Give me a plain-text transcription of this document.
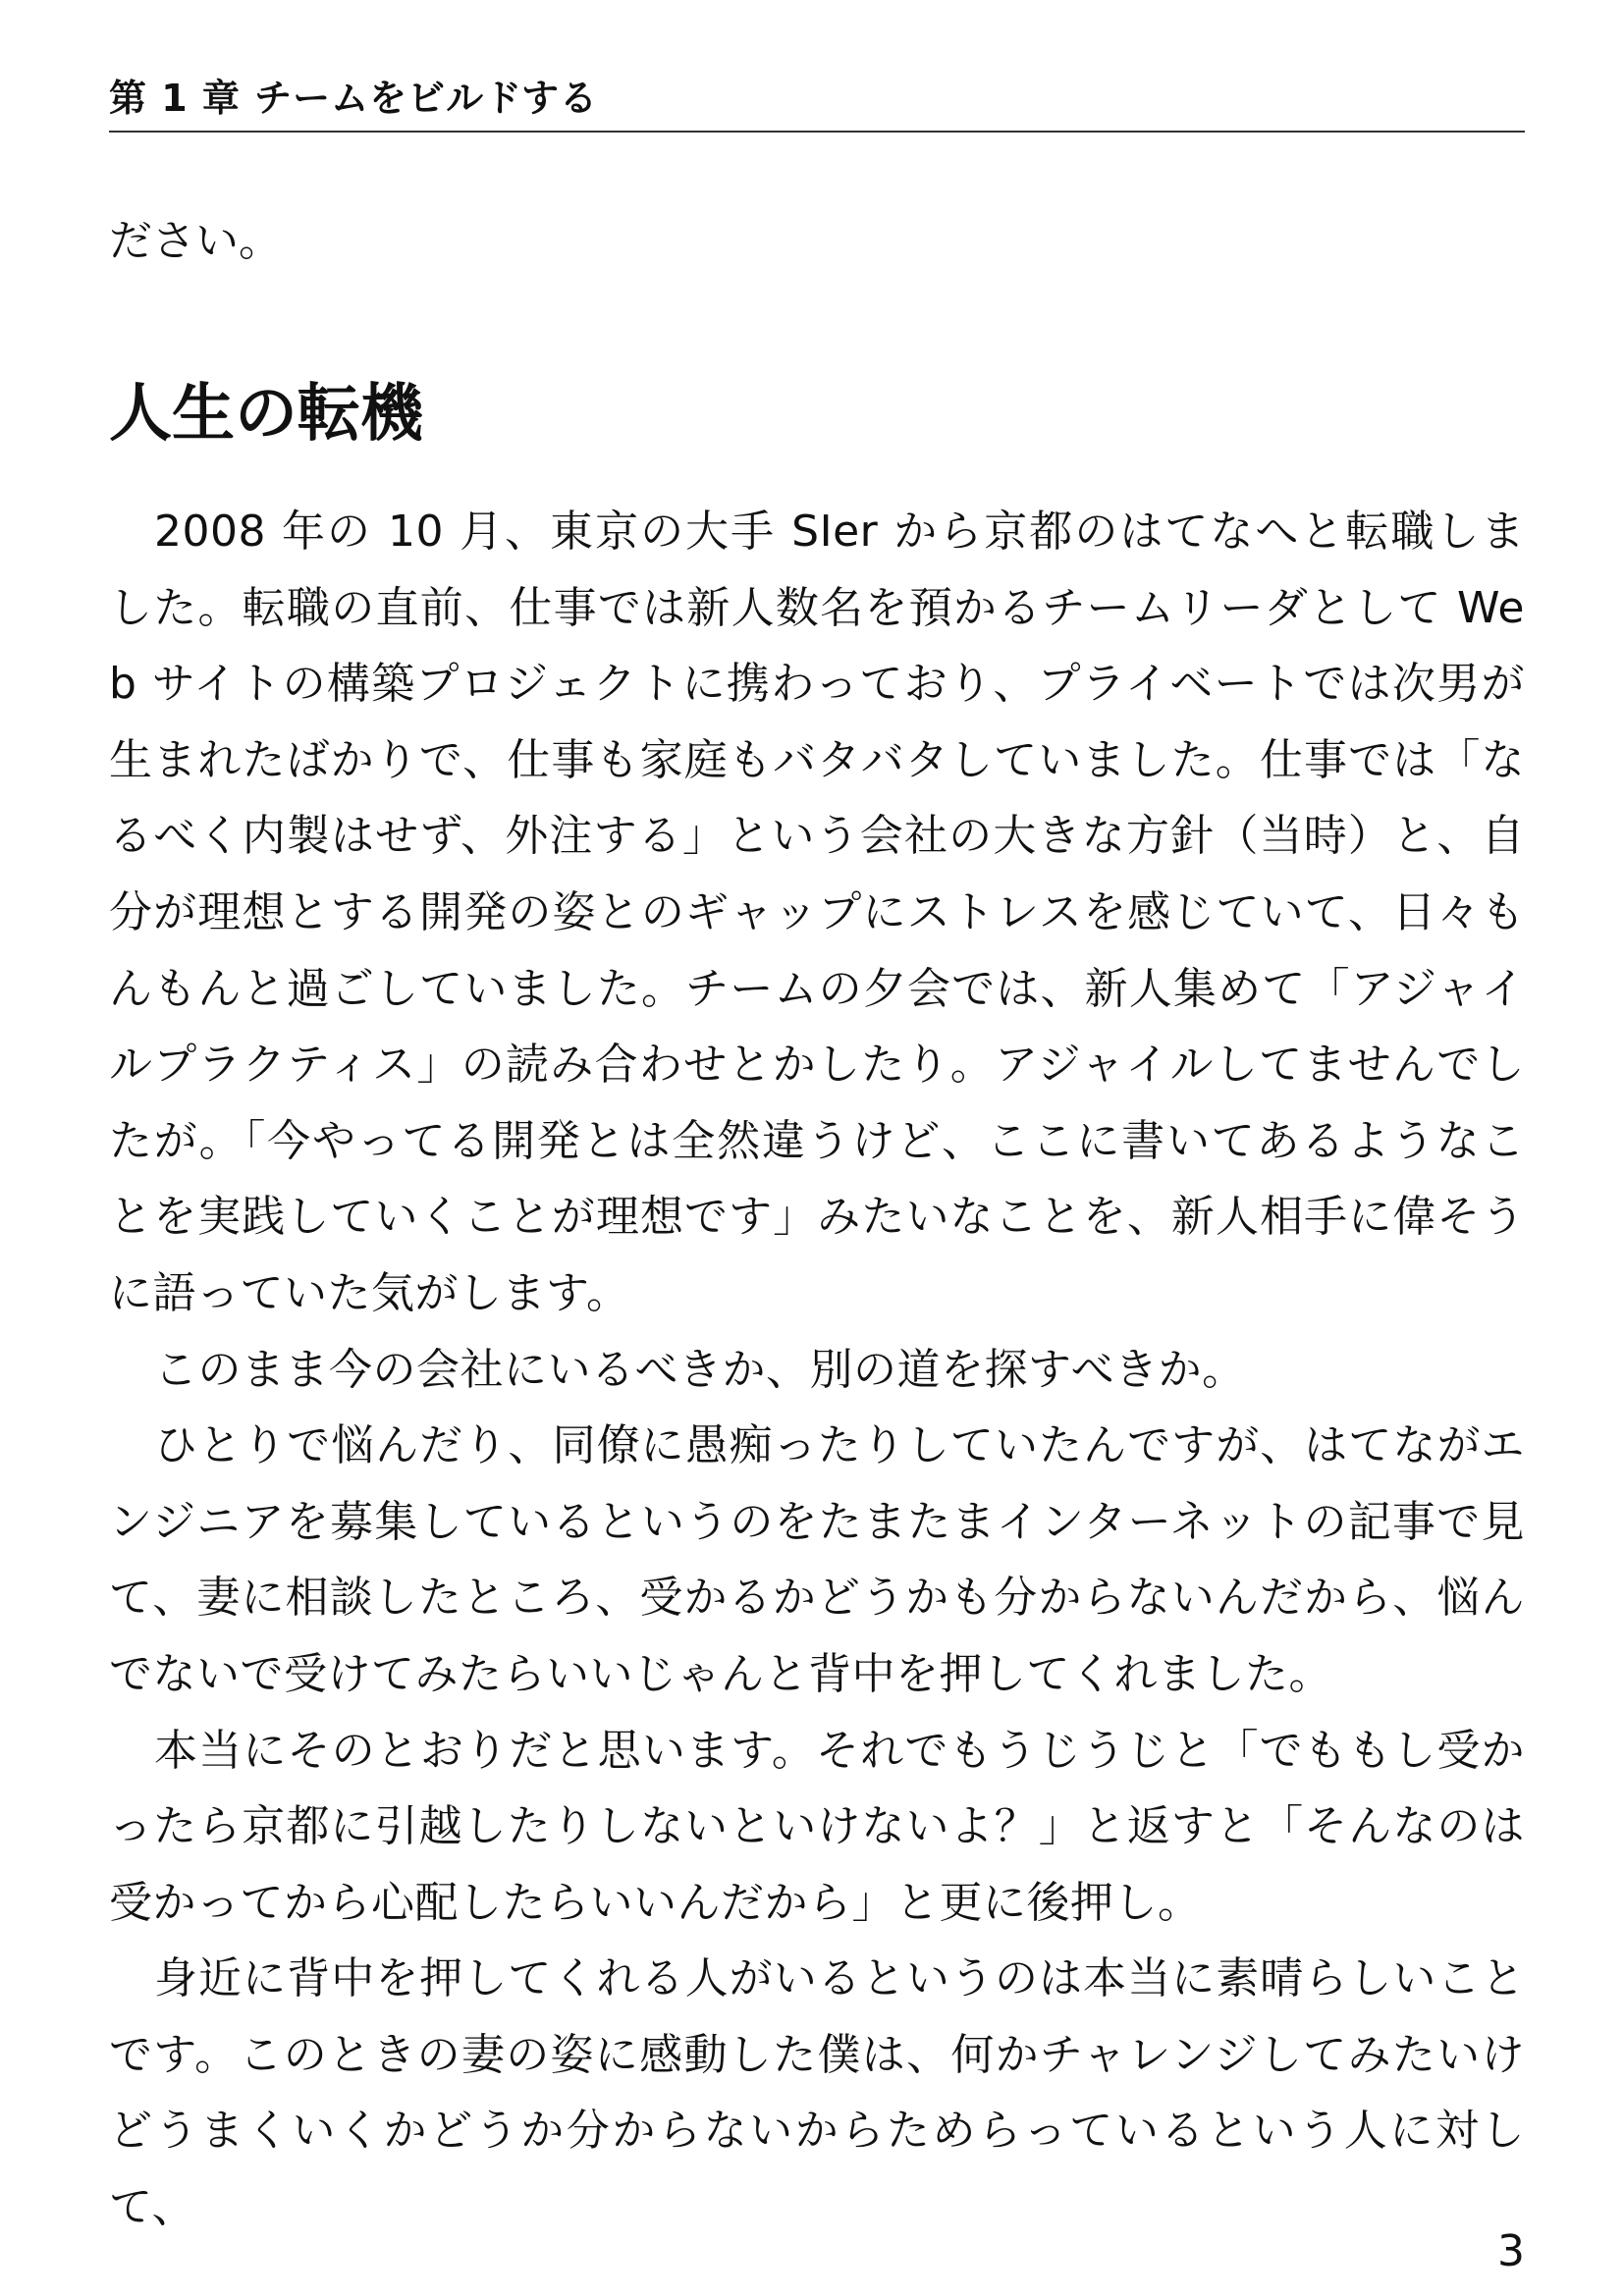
第 1 章 チームをビルドする

ださい。

人生の転機

2008 年の 10 月、東京の大手 SIer から京都のはてなへと転職しました。転職の直前、仕事では新人数名を預かるチームリーダとして Web サイトの構築プロジェクトに携わっており、プライベートでは次男が生まれたばかりで、仕事も家庭もバタバタしていました。仕事では「なるべく内製はせず、外注する」という会社の大きな方針（当時）と、自分が理想とする開発の姿とのギャップにストレスを感じていて、日々もんもんと過ごしていました。チームの夕会では、新人集めて「アジャイルプラクティス」の読み合わせとかしたり。アジャイルしてませんでしたが。「今やってる開発とは全然違うけど、ここに書いてあるようなことを実践していくことが理想です」みたいなことを、新人相手に偉そうに語っていた気がします。

このまま今の会社にいるべきか、別の道を探すべきか。

ひとりで悩んだり、同僚に愚痴ったりしていたんですが、はてながエンジニアを募集しているというのをたまたまインターネットの記事で見て、妻に相談したところ、受かるかどうかも分からないんだから、悩んでないで受けてみたらいいじゃんと背中を押してくれました。

本当にそのとおりだと思います。それでもうじうじと「でももし受かったら京都に引越したりしないといけないよ？」と返すと「そんなのは受かってから心配したらいいんだから」と更に後押し。

身近に背中を押してくれる人がいるというのは本当に素晴らしいことです。このときの妻の姿に感動した僕は、何かチャレンジしてみたいけどうまくいくかどうか分からないからためらっているという人に対して、

3
